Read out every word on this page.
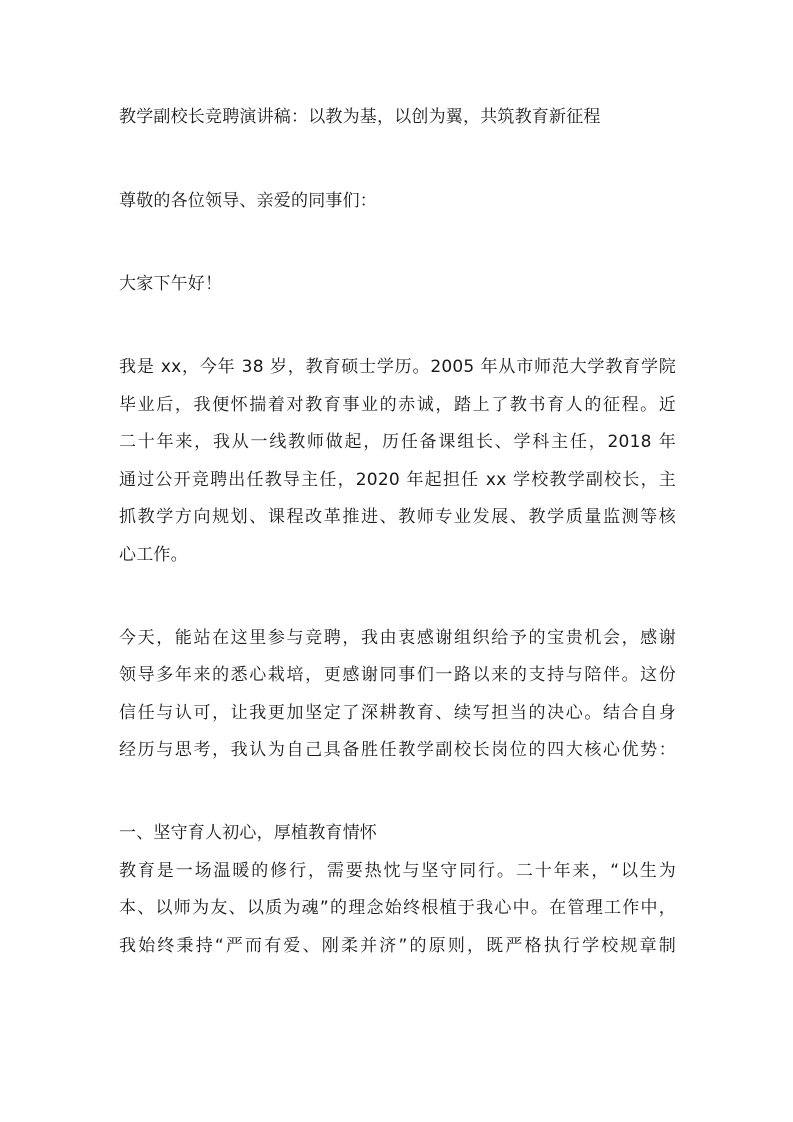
教学副校长竞聘演讲稿：以教为基，以创为翼，共筑教育新征程
尊敬的各位领导、亲爱的同事们：
大家下午好！
我是 xx，今年 38 岁，教育硕士学历。2005 年从市师范大学教育学院
毕业后，我便怀揣着对教育事业的赤诚，踏上了教书育人的征程。近
二十年来，我从一线教师做起，历任备课组长、学科主任，2018 年
通过公开竞聘出任教导主任，2020 年起担任 xx 学校教学副校长，主
抓教学方向规划、课程改革推进、教师专业发展、教学质量监测等核
心工作。
今天，能站在这里参与竞聘，我由衷感谢组织给予的宝贵机会，感谢
领导多年来的悉心栽培，更感谢同事们一路以来的支持与陪伴。这份
信任与认可，让我更加坚定了深耕教育、续写担当的决心。结合自身
经历与思考，我认为自己具备胜任教学副校长岗位的四大核心优势：
一、坚守育人初心，厚植教育情怀
教育是一场温暖的修行，需要热忱与坚守同行。二十年来，“以生为
本、以师为友、以质为魂”的理念始终根植于我心中。在管理工作中，
我始终秉持“严而有爱、刚柔并济”的原则，既严格执行学校规章制
